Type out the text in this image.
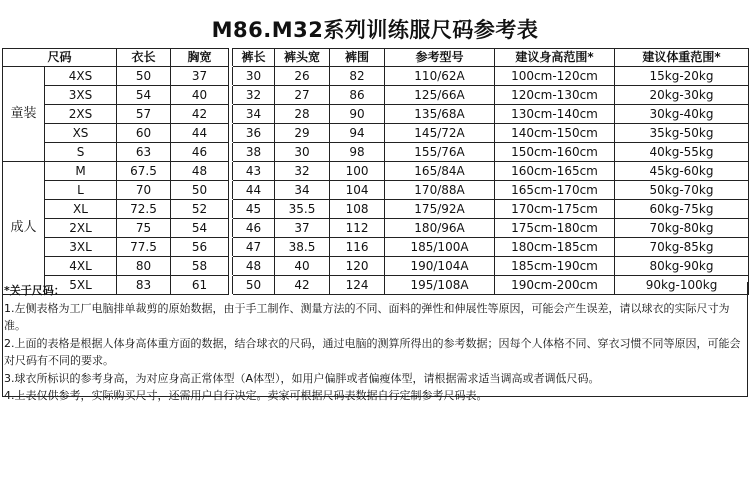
M86.M32系列训练服尺码参考表
尺码		衣长	胸宽		裤长	裤头宽	裤围	参考型号	建议身高范围*	建议体重范围*
童装	4XS	50	37		30	26	82	110/62A	100cm-120cm	15kg-20kg
	3XS	54	40		32	27	86	125/66A	120cm-130cm	20kg-30kg
	2XS	57	42		34	28	90	135/68A	130cm-140cm	30kg-40kg
	XS	60	44		36	29	94	145/72A	140cm-150cm	35kg-50kg
	S	63	46		38	30	98	155/76A	150cm-160cm	40kg-55kg
成人	M	67.5	48		43	32	100	165/84A	160cm-165cm	45kg-60kg
	L	70	50		44	34	104	170/88A	165cm-170cm	50kg-70kg
	XL	72.5	52		45	35.5	108	175/92A	170cm-175cm	60kg-75kg
	2XL	75	54		46	37	112	180/96A	175cm-180cm	70kg-80kg
	3XL	77.5	56		47	38.5	116	185/100A	180cm-185cm	70kg-85kg
	4XL	80	58		48	40	120	190/104A	185cm-190cm	80kg-90kg
	5XL	83	61		50	42	124	195/108A	190cm-200cm	90kg-100kg

*关于尺码：

1.左侧表格为工厂电脑排单裁剪的原始数据，由于手工制作、测量方法的不同、面料的弹性和伸展性等原因，可能会产生误差，请以球衣的实际尺寸为准。

2.上面的表格是根据人体身高体重方面的数据，结合球衣的尺码，通过电脑的测算所得出的参考数据；因每个人体格不同、穿衣习惯不同等原因，可能会对尺码有不同的要求。

3.球衣所标识的参考身高，为对应身高正常体型（A体型），如用户偏胖或者偏瘦体型，请根据需求适当调高或者调低尺码。

4.上表仅供参考，实际购买尺寸，还需用户自行决定。卖家可根据尺码表数据自行定制参考尺码表。
